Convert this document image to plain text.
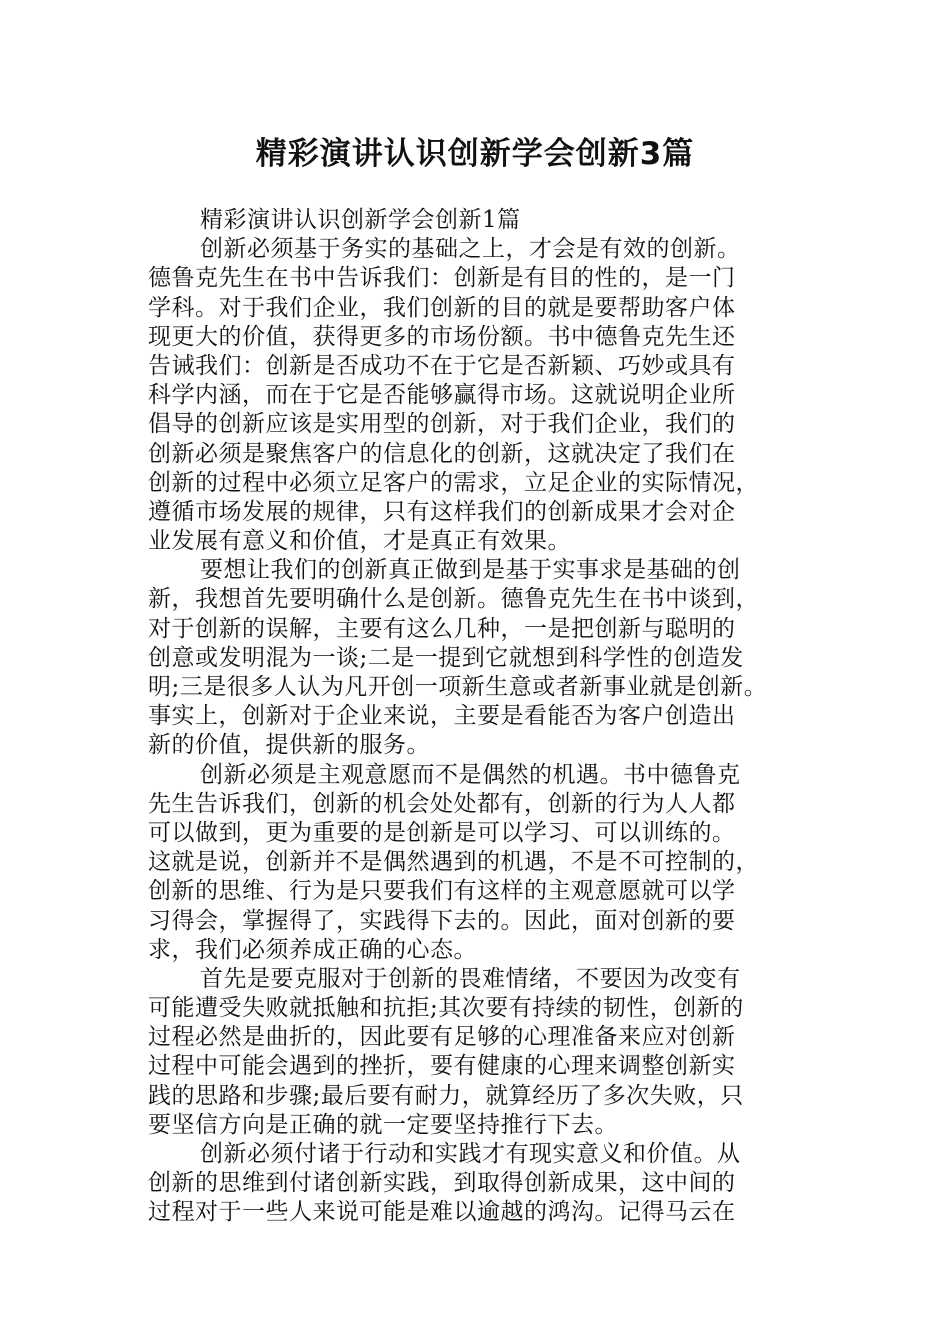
精彩演讲认识创新学会创新3篇
精彩演讲认识创新学会创新1篇
创新必须基于务实的基础之上，才会是有效的创新。
德鲁克先生在书中告诉我们：创新是有目的性的，是一门
学科。对于我们企业，我们创新的目的就是要帮助客户体
现更大的价值，获得更多的市场份额。书中德鲁克先生还
告诫我们：创新是否成功不在于它是否新颖、巧妙或具有
科学内涵，而在于它是否能够赢得市场。这就说明企业所
倡导的创新应该是实用型的创新，对于我们企业，我们的
创新必须是聚焦客户的信息化的创新，这就决定了我们在
创新的过程中必须立足客户的需求，立足企业的实际情况，
遵循市场发展的规律，只有这样我们的创新成果才会对企
业发展有意义和价值，才是真正有效果。
要想让我们的创新真正做到是基于实事求是基础的创
新，我想首先要明确什么是创新。德鲁克先生在书中谈到，
对于创新的误解，主要有这么几种，一是把创新与聪明的
创意或发明混为一谈;二是一提到它就想到科学性的创造发
明;三是很多人认为凡开创一项新生意或者新事业就是创新。
事实上，创新对于企业来说，主要是看能否为客户创造出
新的价值，提供新的服务。
创新必须是主观意愿而不是偶然的机遇。书中德鲁克
先生告诉我们，创新的机会处处都有，创新的行为人人都
可以做到，更为重要的是创新是可以学习、可以训练的。
这就是说，创新并不是偶然遇到的机遇，不是不可控制的，
创新的思维、行为是只要我们有这样的主观意愿就可以学
习得会，掌握得了，实践得下去的。因此，面对创新的要
求，我们必须养成正确的心态。
首先是要克服对于创新的畏难情绪，不要因为改变有
可能遭受失败就抵触和抗拒;其次要有持续的韧性，创新的
过程必然是曲折的，因此要有足够的心理准备来应对创新
过程中可能会遇到的挫折，要有健康的心理来调整创新实
践的思路和步骤;最后要有耐力，就算经历了多次失败，只
要坚信方向是正确的就一定要坚持推行下去。
创新必须付诸于行动和实践才有现实意义和价值。从
创新的思维到付诸创新实践，到取得创新成果，这中间的
过程对于一些人来说可能是难以逾越的鸿沟。记得马云在
